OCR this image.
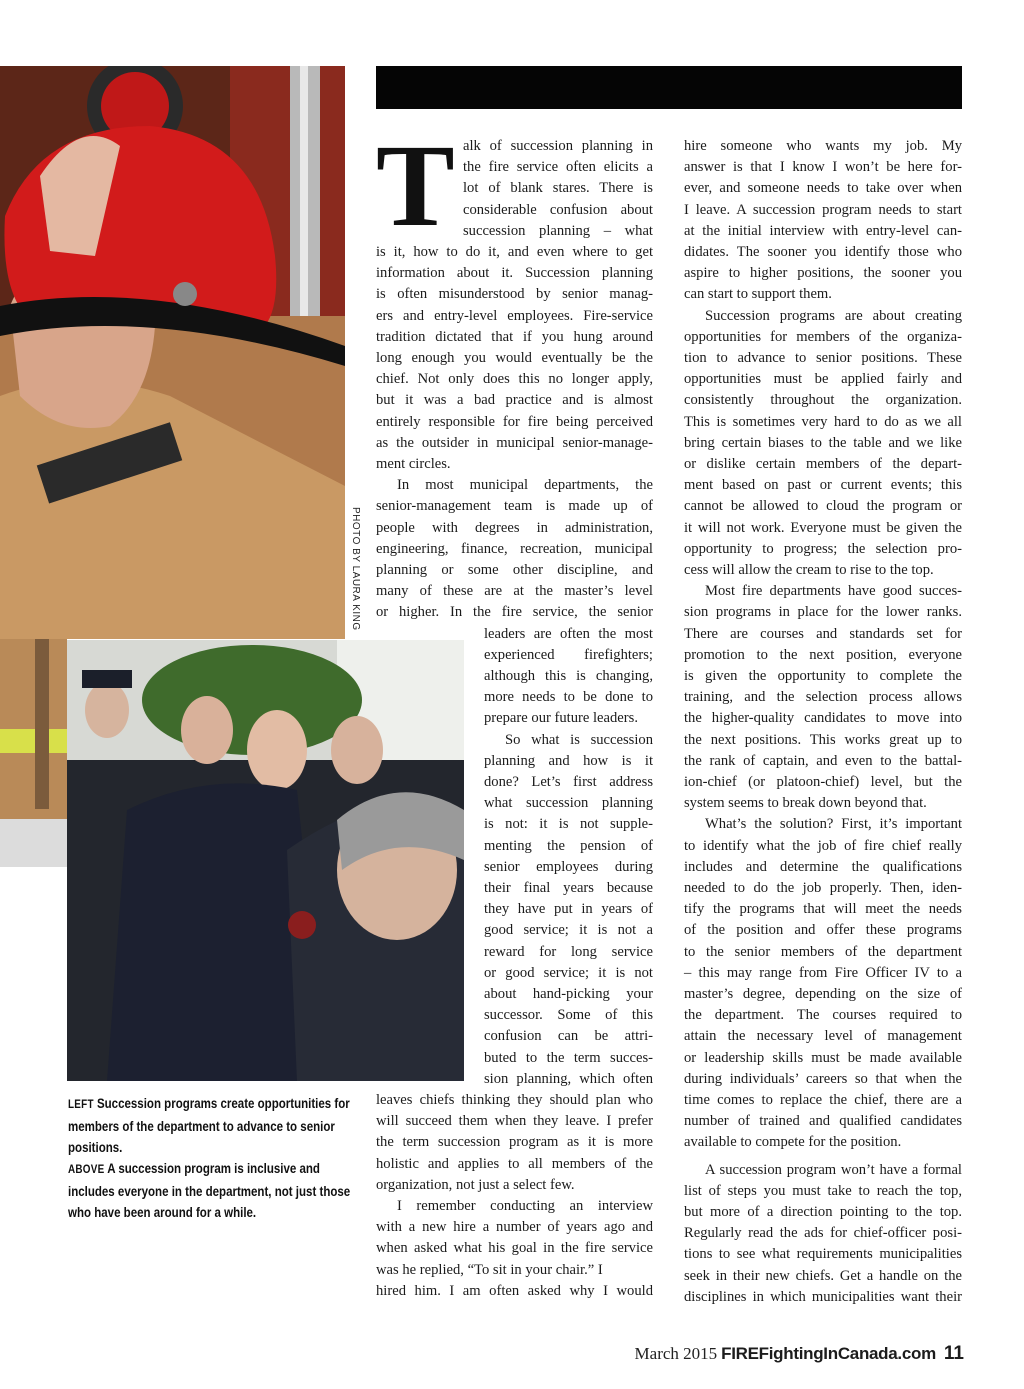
PHOTO BY LAURA KING
LEFT Succession programs create opportunities for members of the department to advance to senior positions.
ABOVE A succession program is inclusive and includes everyone in the department, not just those who have been around for a while.
T alk of succession planning in
the fire service often elicits a
lot of blank stares. There is
considerable confusion about
succession planning – what
is it, how to do it, and even where to get
information about it. Succession planning
is often misunderstood by senior manag-
ers and entry-level employees. Fire-service
tradition dictated that if you hung around
long enough you would eventually be the
chief. Not only does this no longer apply,
but it was a bad practice and is almost
entirely responsible for fire being perceived
as the outsider in municipal senior-manage-
ment circles.
In most municipal departments, the
senior-management team is made up of
people with degrees in administration,
engineering, finance, recreation, municipal
planning or some other discipline, and
many of these are at the master’s level
or higher. In the fire service, the senior
leaders are often the most
experienced firefighters;
although this is changing,
more needs to be done to
prepare our future leaders.
So what is succession
planning and how is it
done? Let’s first address
what succession planning
is not: it is not supple-
menting the pension of
senior employees during
their final years because
they have put in years of
good service; it is not a
reward for long service
or good service; it is not
about hand-picking your
successor. Some of this
confusion can be attri-
buted to the term succes-
sion planning, which often
leaves chiefs thinking they should plan who
will succeed them when they leave. I prefer
the term succession program as it is more
holistic and applies to all members of the
organization, not just a select few.
I remember conducting an interview
with a new hire a number of years ago and
when asked what his goal in the fire service
was he replied, “To sit in your chair.” I
hired him. I am often asked why I would
hire someone who wants my job. My
answer is that I know I won’t be here for-
ever, and someone needs to take over when
I leave. A succession program needs to start
at the initial interview with entry-level can-
didates. The sooner you identify those who
aspire to higher positions, the sooner you
can start to support them.
Succession programs are about creating
opportunities for members of the organiza-
tion to advance to senior positions. These
opportunities must be applied fairly and
consistently throughout the organization.
This is sometimes very hard to do as we all
bring certain biases to the table and we like
or dislike certain members of the depart-
ment based on past or current events; this
cannot be allowed to cloud the program or
it will not work. Everyone must be given the
opportunity to progress; the selection pro-
cess will allow the cream to rise to the top.
Most fire departments have good succes-
sion programs in place for the lower ranks.
There are courses and standards set for
promotion to the next position, everyone
is given the opportunity to complete the
training, and the selection process allows
the higher-quality candidates to move into
the next positions. This works great up to
the rank of captain, and even to the battal-
ion-chief (or platoon-chief) level, but the
system seems to break down beyond that.
What’s the solution? First, it’s important
to identify what the job of fire chief really
includes and determine the qualifications
needed to do the job properly. Then, iden-
tify the programs that will meet the needs
of the position and offer these programs
to the senior members of the department
– this may range from Fire Officer IV to a
master’s degree, depending on the size of
the department. The courses required to
attain the necessary level of management
or leadership skills must be made available
during individuals’ careers so that when the
time comes to replace the chief, there are a
number of trained and qualified candidates
available to compete for the position.
A succession program won’t have a formal
list of steps you must take to reach the top,
but more of a direction pointing to the top.
Regularly read the ads for chief-officer posi-
tions to see what requirements municipalities
seek in their new chiefs. Get a handle on the
disciplines in which municipalities want their
March 2015 FIREFightingInCanada.com 11
